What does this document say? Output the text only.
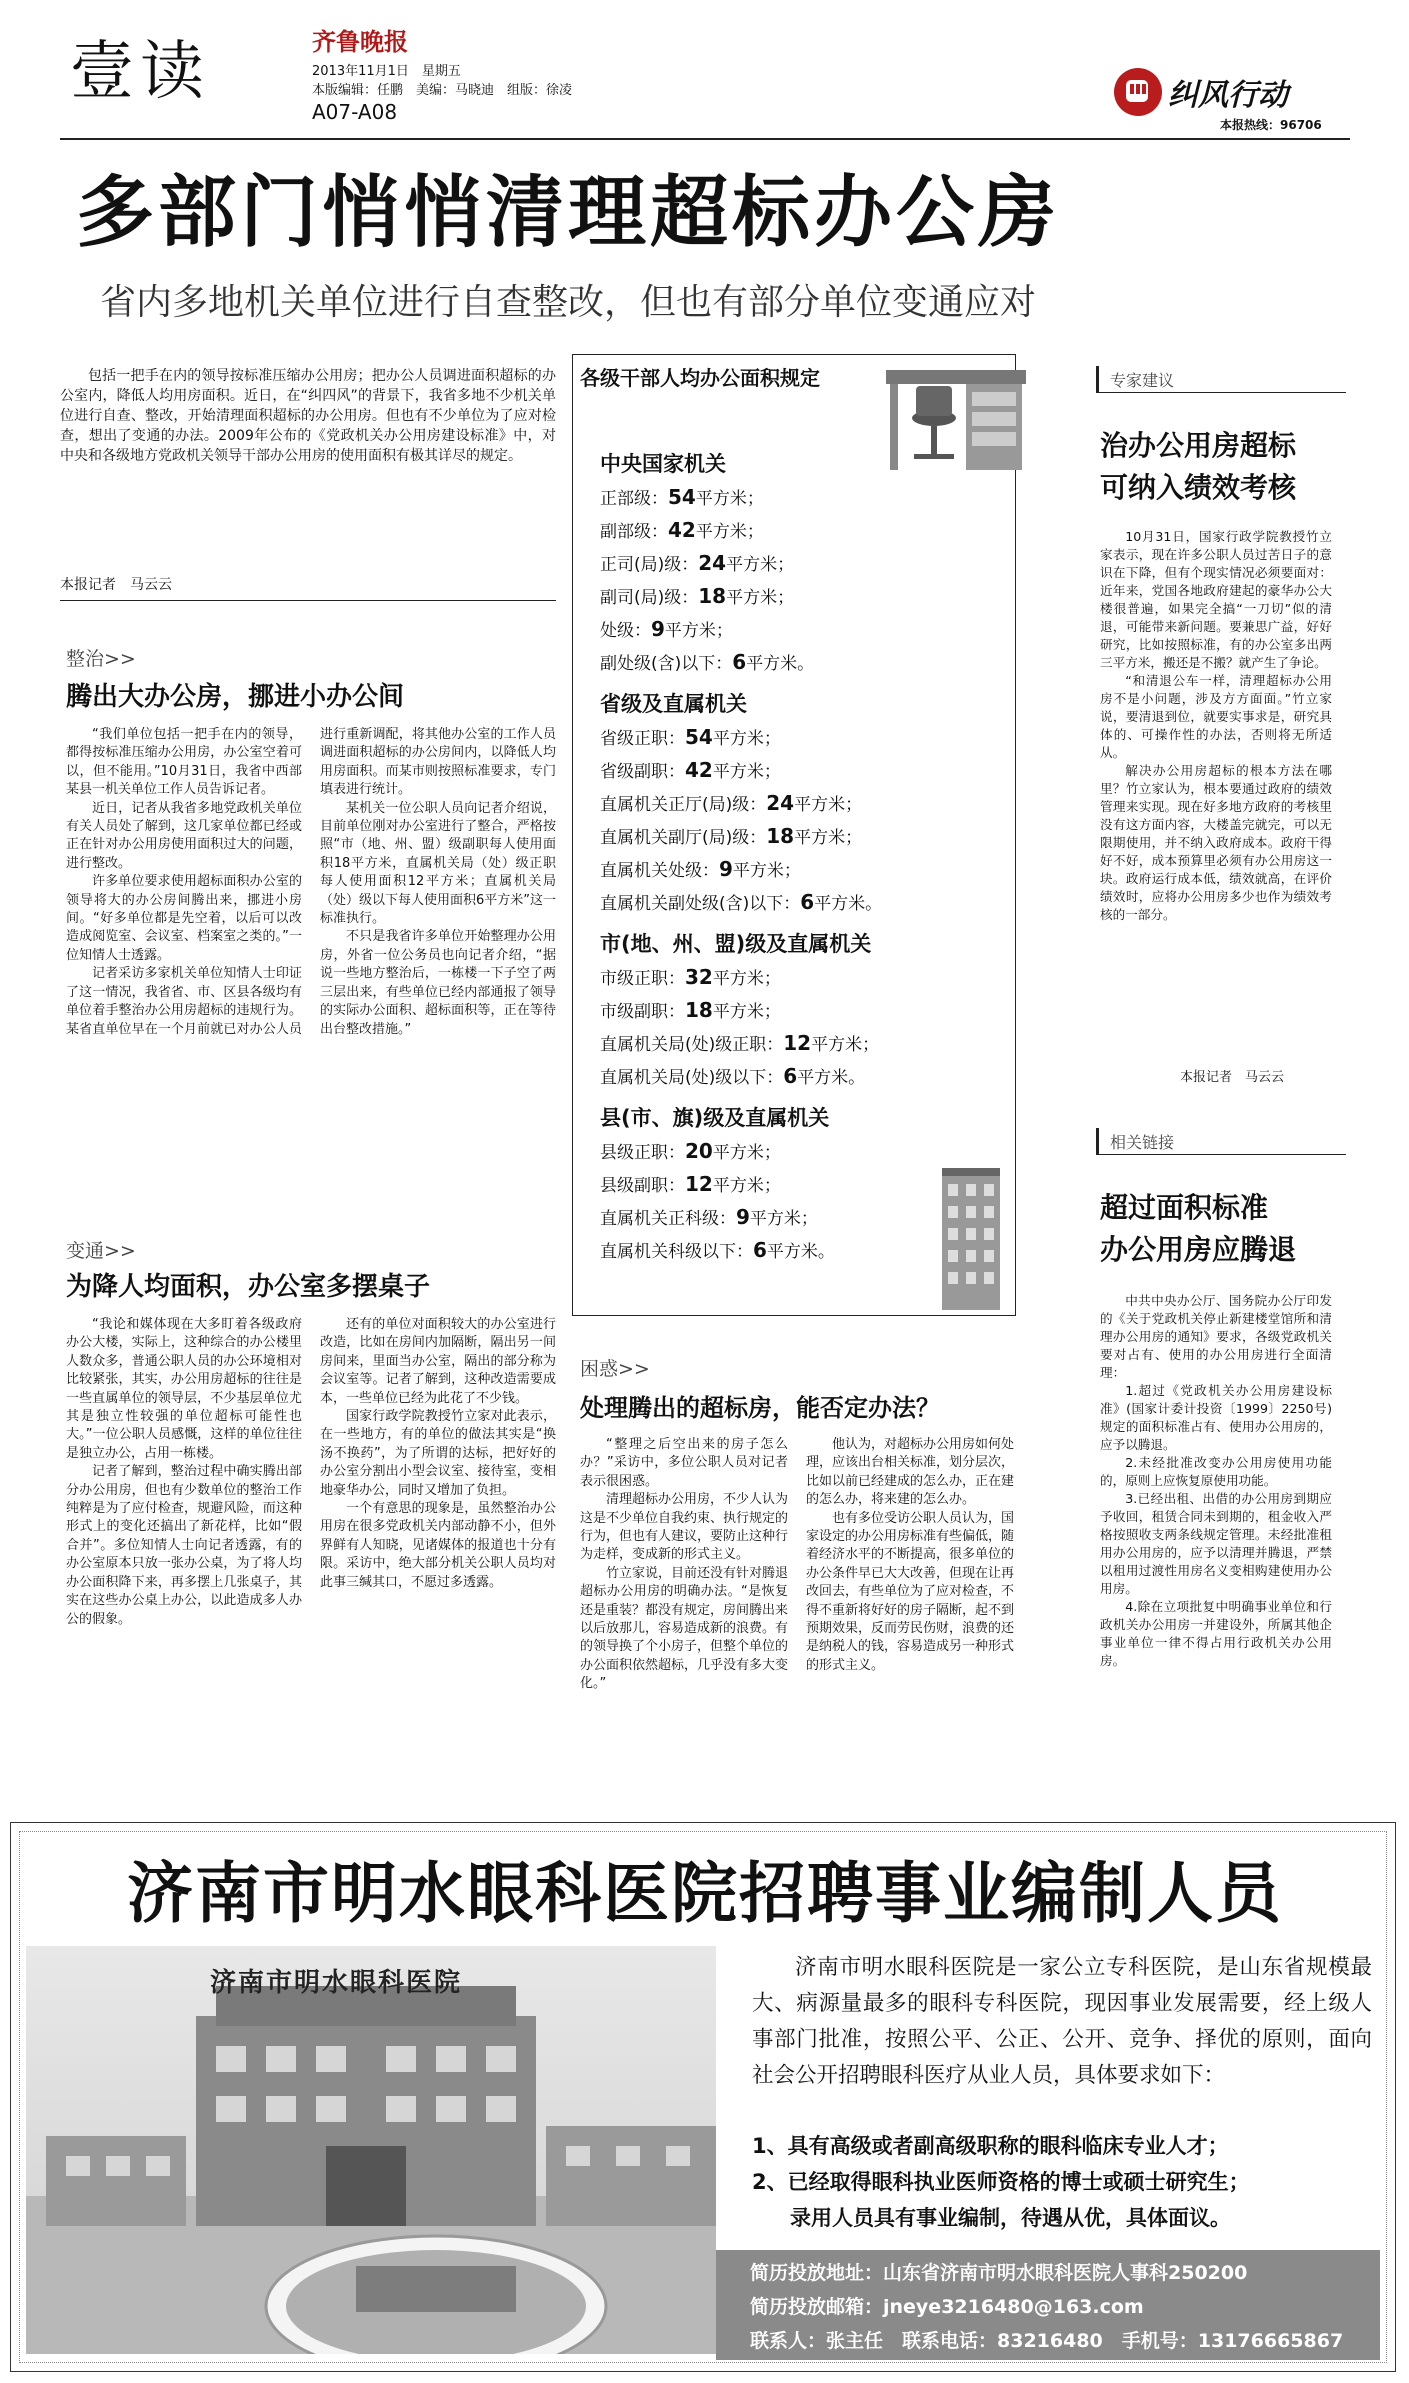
壹读	齐鲁晚报
2013年11月1日　星期五
本版编辑：任鹏　美编：马晓迪　组版：徐凌
A07-A08	纠风行动
本报热线：96706
多部门悄悄清理超标办公房
省内多地机关单位进行自查整改，但也有部分单位变通应对

包括一把手在内的领导按标准压缩办公用房；把办公人员调进面积超标的办公室内，降低人均用房面积。近日，在“纠四风”的背景下，我省多地不少机关单位进行自查、整改，开始清理面积超标的办公用房。但也有不少单位为了应对检查，想出了变通的办法。2009年公布的《党政机关办公用房建设标准》中，对中央和各级地方党政机关领导干部办公用房的使用面积有极其详尽的规定。

本报记者　马云云
整治>>
腾出大办公房，挪进小办公间

“我们单位包括一把手在内的领导，都得按标准压缩办公用房，办公室空着可以，但不能用。”10月31日，我省中西部某县一机关单位工作人员告诉记者。

近日，记者从我省多地党政机关单位有关人员处了解到，这几家单位都已经或正在针对办公用房使用面积过大的问题，进行整改。

许多单位要求使用超标面积办公室的领导将大的办公房间腾出来，挪进小房间。“好多单位都是先空着，以后可以改造成阅览室、会议室、档案室之类的。”一位知情人士透露。

记者采访多家机关单位知情人士印证了这一情况，我省省、市、区县各级均有单位着手整治办公用房超标的违规行为。某省直单位早在一个月前就已对办公人员进行重新调配，将其他办公室的工作人员调进面积超标的办公房间内，以降低人均用房面积。而某市则按照标准要求，专门填表进行统计。

某机关一位公职人员向记者介绍说，目前单位刚对办公室进行了整合，严格按照“市（地、州、盟）级副职每人使用面积18平方米，直属机关局（处）级正职每人使用面积12平方米；直属机关局（处）级以下每人使用面积6平方米”这一标准执行。

不只是我省许多单位开始整理办公用房，外省一位公务员也向记者介绍，“据说一些地方整治后，一栋楼一下子空了两三层出来，有些单位已经内部通报了领导的实际办公面积、超标面积等，正在等待出台整改措施。”

变通>>
为降人均面积，办公室多摆桌子

“我论和媒体现在大多盯着各级政府办公大楼，实际上，这种综合的办公楼里人数众多，普通公职人员的办公环境相对比较紧张，其实，办公用房超标的往往是一些直属单位的领导层，不少基层单位尤其是独立性较强的单位超标可能性也大。”一位公职人员感慨，这样的单位往往是独立办公，占用一栋楼。

记者了解到，整治过程中确实腾出部分办公用房，但也有少数单位的整治工作纯粹是为了应付检查，规避风险，而这种形式上的变化还搞出了新花样，比如“假合并”。多位知情人士向记者透露，有的办公室原本只放一张办公桌，为了将人均办公面积降下来，再多摆上几张桌子，其实在这些办公桌上办公，以此造成多人办公的假象。

还有的单位对面积较大的办公室进行改造，比如在房间内加隔断，隔出另一间房间来，里面当办公室，隔出的部分称为会议室等。记者了解到，这种改造需要成本，一些单位已经为此花了不少钱。

国家行政学院教授竹立家对此表示，在一些地方，有的单位的做法其实是“换汤不换药”，为了所谓的达标，把好好的办公室分割出小型会议室、接待室，变相地豪华办公，同时又增加了负担。

一个有意思的现象是，虽然整治办公用房在很多党政机关内部动静不小，但外界鲜有人知晓，见诸媒体的报道也十分有限。采访中，绝大部分机关公职人员均对此事三缄其口，不愿过多透露。

各级干部人均办公面积规定
中央国家机关
正部级：54平方米；
副部级：42平方米；
正司(局)级：24平方米；
副司(局)级：18平方米；
处级：9平方米；
副处级(含)以下：6平方米。
省级及直属机关
省级正职：54平方米；
省级副职：42平方米；
直属机关正厅(局)级：24平方米；
直属机关副厅(局)级：18平方米；
直属机关处级：9平方米；
直属机关副处级(含)以下：6平方米。
市(地、州、盟)级及直属机关
市级正职：32平方米；
市级副职：18平方米；
直属机关局(处)级正职：12平方米；
直属机关局(处)级以下：6平方米。
县(市、旗)级及直属机关
县级正职：20平方米；
县级副职：12平方米；
直属机关正科级：9平方米；
直属机关科级以下：6平方米。
困惑>>
处理腾出的超标房，能否定办法？

“整理之后空出来的房子怎么办？”采访中，多位公职人员对记者表示很困惑。

清理超标办公用房，不少人认为这是不少单位自我约束、执行规定的行为，但也有人建议，要防止这种行为走样，变成新的形式主义。

竹立家说，目前还没有针对腾退超标办公用房的明确办法。“是恢复还是重装？都没有规定，房间腾出来以后放那儿，容易造成新的浪费。有的领导换了个小房子，但整个单位的办公面积依然超标，几乎没有多大变化。”

他认为，对超标办公用房如何处理，应该出台相关标准，划分层次，比如以前已经建成的怎么办，正在建的怎么办，将来建的怎么办。

也有多位受访公职人员认为，国家设定的办公用房标准有些偏低，随着经济水平的不断提高，很多单位的办公条件早已大大改善，但现在让再改回去，有些单位为了应对检查，不得不重新将好好的房子隔断，起不到预期效果，反而劳民伤财，浪费的还是纳税人的钱，容易造成另一种形式的形式主义。

专家建议
治办公用房超标
可纳入绩效考核

10月31日，国家行政学院教授竹立家表示，现在许多公职人员过苦日子的意识在下降，但有个现实情况必须要面对：近年来，党国各地政府建起的豪华办公大楼很普遍，如果完全搞“一刀切”似的清退，可能带来新问题。要兼思广益，好好研究，比如按照标准，有的办公室多出两三平方米，搬还是不搬？就产生了争论。

“和清退公车一样，清理超标办公用房不是小问题，涉及方方面面。”竹立家说，要清退到位，就要实事求是，研究具体的、可操作性的办法，否则将无所适从。

解决办公用房超标的根本方法在哪里？竹立家认为，根本要通过政府的绩效管理来实现。现在好多地方政府的考核里没有这方面内容，大楼盖完就完，可以无限期使用，并不纳入政府成本。政府干得好不好，成本预算里必须有办公用房这一块。政府运行成本低，绩效就高，在评价绩效时，应将办公用房多少也作为绩效考核的一部分。

本报记者　马云云
相关链接
超过面积标准
办公用房应腾退

中共中央办公厅、国务院办公厅印发的《关于党政机关停止新建楼堂馆所和清理办公用房的通知》要求，各级党政机关要对占有、使用的办公用房进行全面清理：

1.超过《党政机关办公用房建设标准》(国家计委计投资〔1999〕2250号)规定的面积标准占有、使用办公用房的，应予以腾退。

2.未经批准改变办公用房使用功能的，原则上应恢复原使用功能。

3.已经出租、出借的办公用房到期应予收回，租赁合同未到期的，租金收入严格按照收支两条线规定管理。未经批准租用办公用房的，应予以清理并腾退，严禁以租用过渡性用房名义变相购建使用办公用房。

4.除在立项批复中明确事业单位和行政机关办公用房一并建设外，所属其他企事业单位一律不得占用行政机关办公用房。

济南市明水眼科医院招聘事业编制人员
济南市明水眼科医院

济南市明水眼科医院是一家公立专科医院，是山东省规模最大、病源量最多的眼科专科医院，现因事业发展需要，经上级人事部门批准，按照公平、公正、公开、竞争、择优的原则，面向社会公开招聘眼科医疗从业人员，具体要求如下：

1、具有高级或者副高级职称的眼科临床专业人才；
2、已经取得眼科执业医师资格的博士或硕士研究生；
录用人员具有事业编制，待遇从优，具体面议。
简历投放地址：山东省济南市明水眼科医院人事科250200
简历投放邮箱：jneye3216480@163.com
联系人：张主任　联系电话：83216480　手机号：13176665867
